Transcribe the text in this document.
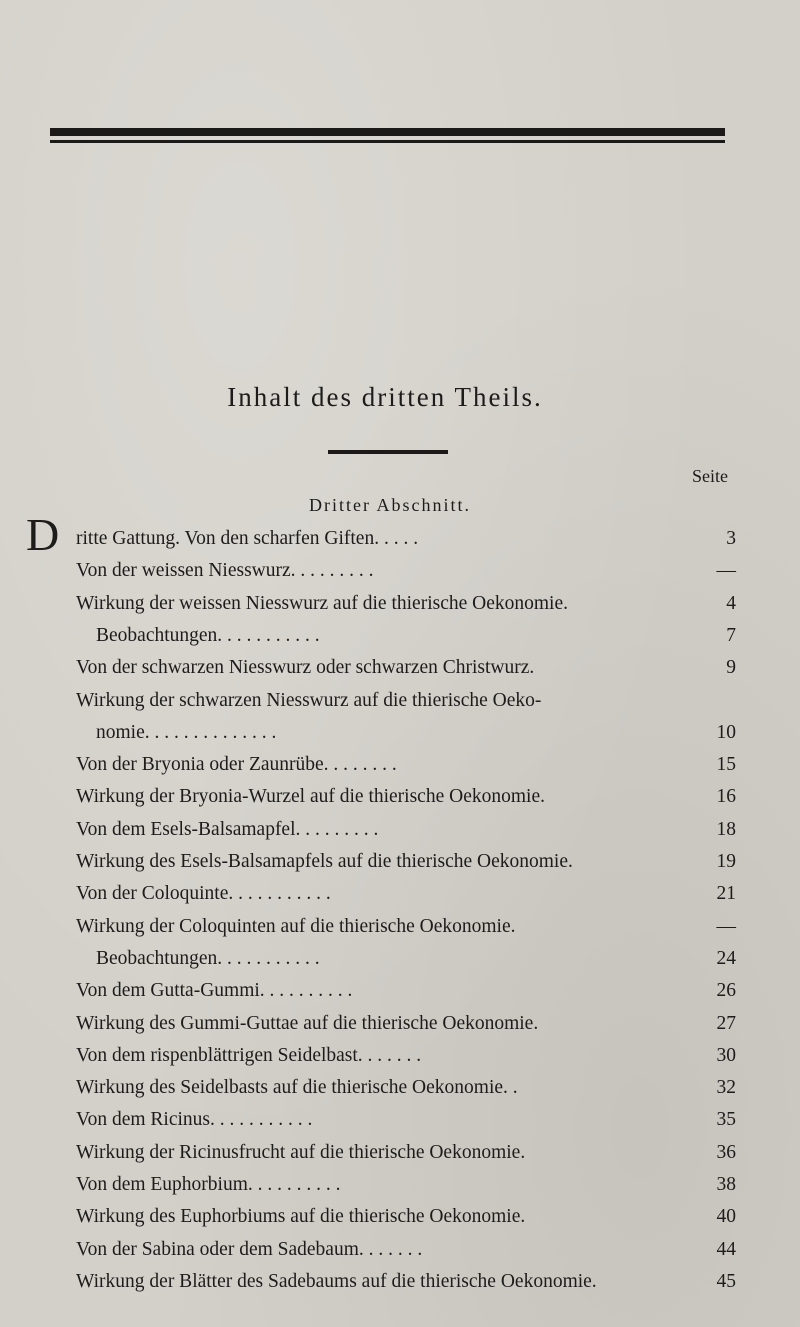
Inhalt des dritten Theils.
Seite
Dritter Abschnitt.
D ritte Gattung. Von den scharfen Giften. . . . .	3
Von der weissen Niesswurz. . . . . . . . .	—
Wirkung der weissen Niesswurz auf die thierische Oekonomie.	4
Beobachtungen. . . . . . . . . . .	7
Von der schwarzen Niesswurz oder schwarzen Christwurz.	9
Wirkung der schwarzen Niesswurz auf die thierische Oeko-
nomie. . . . . . . . . . . . . .	10
Von der Bryonia oder Zaunrübe. . . . . . . .	15
Wirkung der Bryonia-Wurzel auf die thierische Oekonomie.	16
Von dem Esels-Balsamapfel. . . . . . . . .	18
Wirkung des Esels-Balsamapfels auf die thierische Oekonomie.	19
Von der Coloquinte. . . . . . . . . . .	21
Wirkung der Coloquinten auf die thierische Oekonomie.	—
Beobachtungen. . . . . . . . . . .	24
Von dem Gutta-Gummi. . . . . . . . . .	26
Wirkung des Gummi-Guttae auf die thierische Oekonomie.	27
Von dem rispenblättrigen Seidelbast. . . . . . .	30
Wirkung des Seidelbasts auf die thierische Oekonomie. .	32
Von dem Ricinus. . . . . . . . . . .	35
Wirkung der Ricinusfrucht auf die thierische Oekonomie.	36
Von dem Euphorbium. . . . . . . . . .	38
Wirkung des Euphorbiums auf die thierische Oekonomie.	40
Von der Sabina oder dem Sadebaum. . . . . . .	44
Wirkung der Blätter des Sadebaums auf die thierische Oekonomie.	45
